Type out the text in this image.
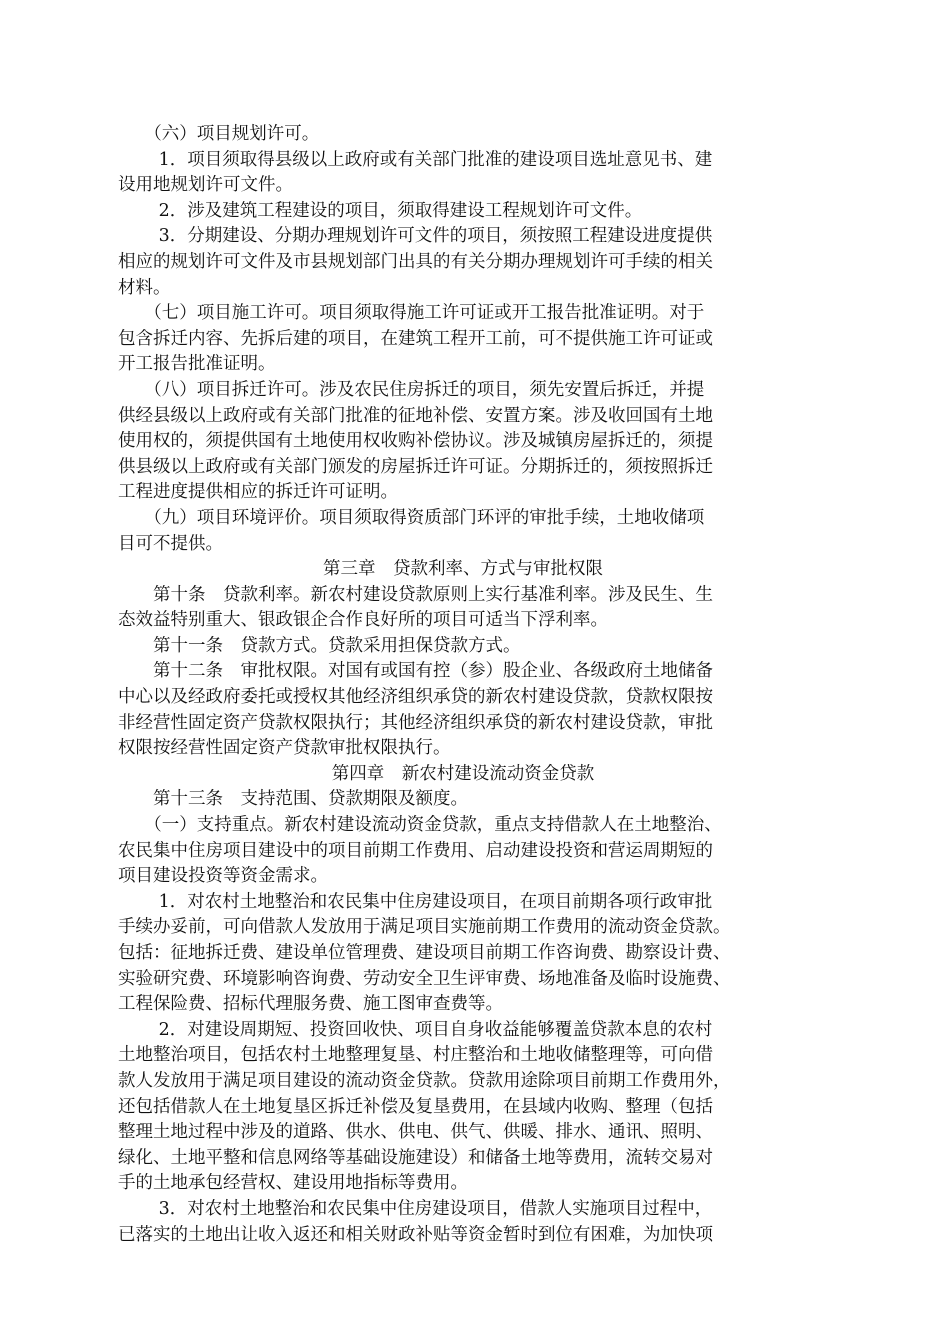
　　（六）项目规划许可。
　　 1．项目须取得县级以上政府或有关部门批准的建设项目选址意见书、建
设用地规划许可文件。
　　 2．涉及建筑工程建设的项目，须取得建设工程规划许可文件。
　　 3．分期建设、分期办理规划许可文件的项目，须按照工程建设进度提供
相应的规划许可文件及市县规划部门出具的有关分期办理规划许可手续的相关
材料。
　　（七）项目施工许可。项目须取得施工许可证或开工报告批准证明。对于
包含拆迁内容、先拆后建的项目，在建筑工程开工前，可不提供施工许可证或
开工报告批准证明。
　　（八）项目拆迁许可。涉及农民住房拆迁的项目，须先安置后拆迁，并提
供经县级以上政府或有关部门批准的征地补偿、安置方案。涉及收回国有土地
使用权的，须提供国有土地使用权收购补偿协议。涉及城镇房屋拆迁的，须提
供县级以上政府或有关部门颁发的房屋拆迁许可证。分期拆迁的，须按照拆迁
工程进度提供相应的拆迁许可证明。
　　（九）项目环境评价。项目须取得资质部门环评的审批手续，土地收储项
目可不提供。
第三章　贷款利率、方式与审批权限
　　第十条　贷款利率。新农村建设贷款原则上实行基准利率。涉及民生、生
态效益特别重大、银政银企合作良好所的项目可适当下浮利率。
　　第十一条　贷款方式。贷款采用担保贷款方式。
　　第十二条　审批权限。对国有或国有控（参）股企业、各级政府土地储备
中心以及经政府委托或授权其他经济组织承贷的新农村建设贷款，贷款权限按
非经营性固定资产贷款权限执行；其他经济组织承贷的新农村建设贷款，审批
权限按经营性固定资产贷款审批权限执行。
第四章　新农村建设流动资金贷款
　　第十三条　支持范围、贷款期限及额度。
　　（一）支持重点。新农村建设流动资金贷款，重点支持借款人在土地整治、
农民集中住房项目建设中的项目前期工作费用、启动建设投资和营运周期短的
项目建设投资等资金需求。
　　 1．对农村土地整治和农民集中住房建设项目，在项目前期各项行政审批
手续办妥前，可向借款人发放用于满足项目实施前期工作费用的流动资金贷款。
包括：征地拆迁费、建设单位管理费、建设项目前期工作咨询费、勘察设计费、
实验研究费、环境影响咨询费、劳动安全卫生评审费、场地准备及临时设施费、
工程保险费、招标代理服务费、施工图审查费等。
　　 2．对建设周期短、投资回收快、项目自身收益能够覆盖贷款本息的农村
土地整治项目，包括农村土地整理复垦、村庄整治和土地收储整理等，可向借
款人发放用于满足项目建设的流动资金贷款。贷款用途除项目前期工作费用外，
还包括借款人在土地复垦区拆迁补偿及复垦费用，在县域内收购、整理（包括
整理土地过程中涉及的道路、供水、供电、供气、供暖、排水、通讯、照明、
绿化、土地平整和信息网络等基础设施建设）和储备土地等费用，流转交易对
手的土地承包经营权、建设用地指标等费用。
　　 3．对农村土地整治和农民集中住房建设项目，借款人实施项目过程中，
已落实的土地出让收入返还和相关财政补贴等资金暂时到位有困难，为加快项
